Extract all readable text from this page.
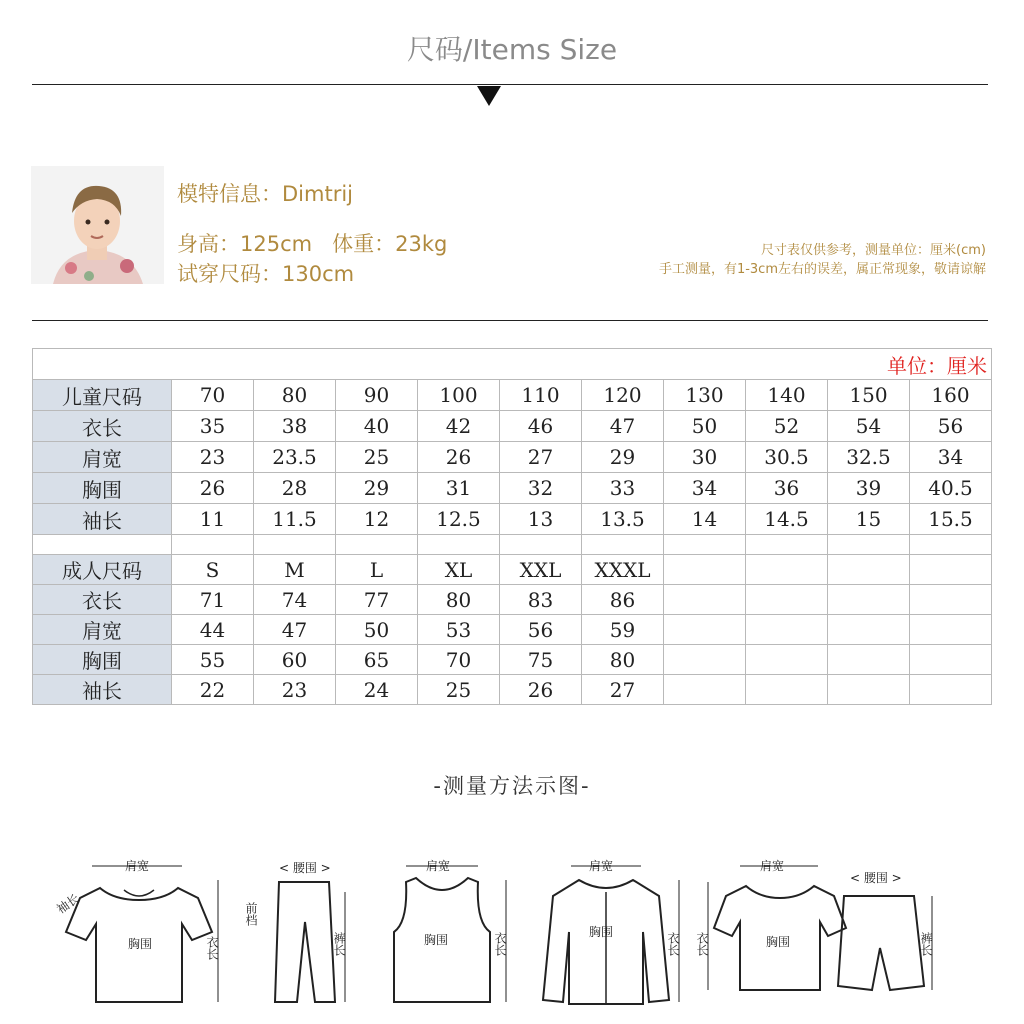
尺码/Items Size
模特信息：Dimtrij
身高：125cm   体重：23kg
试穿尺码：130cm
尺寸表仅供参考，测量单位：厘米(cm)
手工测量，有1-3cm左右的误差，属正常现象，敬请谅解
单位：厘米										
儿童尺码	70	80	90	100	110	120	130	140	150	160
衣长	35	38	40	42	46	47	50	52	54	56
肩宽	23	23.5	25	26	27	29	30	30.5	32.5	34
胸围	26	28	29	31	32	33	34	36	39	40.5
袖长	11	11.5	12	12.5	13	13.5	14	14.5	15	15.5

成人尺码	S	M	L	XL	XXL	XXXL				
衣长	71	74	77	80	83	86				
肩宽	44	47	50	53	56	59				
胸围	55	60	65	70	75	80				
袖长	22	23	24	25	26	27				
-测量方法示图-
肩宽
胸围	衣长
袖长
< 腰围 >
前档
裤长
肩宽
胸围	衣长
肩宽
胸围	衣长
肩宽
胸围
衣长
< 腰围 >
裤长
